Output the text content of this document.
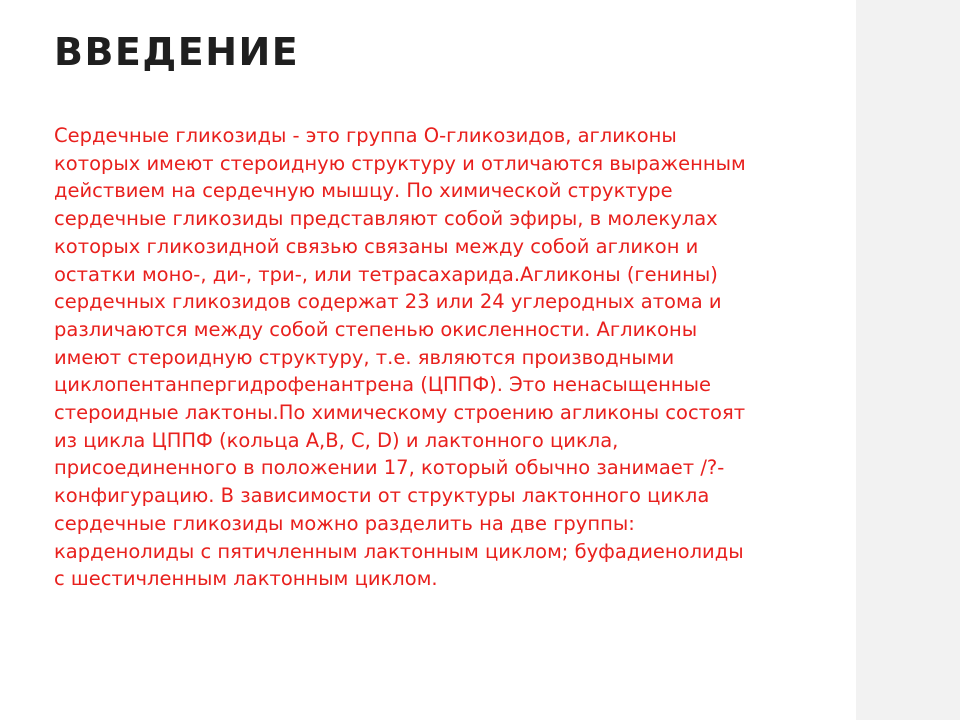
ВВЕДЕНИЕ
Сердечные гликозиды - это группа О-гликозидов, агликоны
которых имеют стероидную структуру и отличаются выраженным
действием на сердечную мышцу. По химической структуре
сердечные гликозиды представляют собой эфиры, в молекулах
которых гликозидной связью связаны между собой агликон и
остатки моно-, ди-, три-, или тетрасахарида.Агликоны (генины)
сердечных гликозидов содержат 23 или 24 углеродных атома и
различаются между собой степенью окисленности. Агликоны
имеют стероидную структуру, т.е. являются производными
циклопентанпергидрофенантрена (ЦППФ). Это ненасыщенные
стероидные лактоны.По химическому строению агликоны состоят
из цикла ЦППФ (кольца А,В, С, D) и лактонного цикла,
присоединенного в положении 17, который обычно занимает /?-
конфигурацию. В зависимости от структуры лактонного цикла
сердечные гликозиды можно разделить на две группы:
карденолиды с пятичленным лактонным циклом; буфадиенолиды
с шестичленным лактонным циклом.
